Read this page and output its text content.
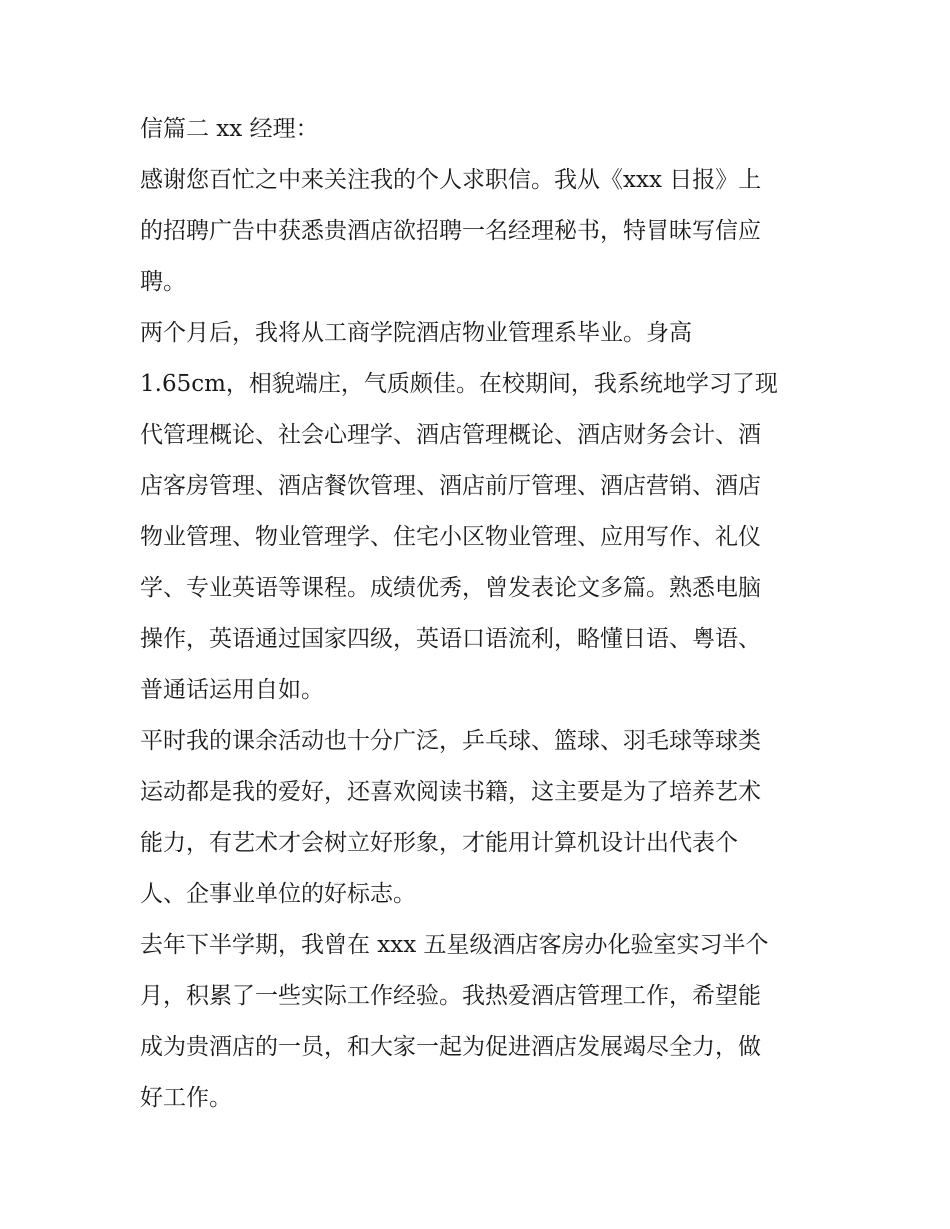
信篇二 xx 经理：
感谢您百忙之中来关注我的个人求职信。我从《xxx 日报》上
的招聘广告中获悉贵酒店欲招聘一名经理秘书，特冒昧写信应
聘。
两个月后，我将从工商学院酒店物业管理系毕业。身高
1.65cm，相貌端庄，气质颇佳。在校期间，我系统地学习了现
代管理概论、社会心理学、酒店管理概论、酒店财务会计、酒
店客房管理、酒店餐饮管理、酒店前厅管理、酒店营销、酒店
物业管理、物业管理学、住宅小区物业管理、应用写作、礼仪
学、专业英语等课程。成绩优秀，曾发表论文多篇。熟悉电脑
操作，英语通过国家四级，英语口语流利，略懂日语、粤语、
普通话运用自如。
平时我的课余活动也十分广泛，乒乓球、篮球、羽毛球等球类
运动都是我的爱好，还喜欢阅读书籍，这主要是为了培养艺术
能力，有艺术才会树立好形象，才能用计算机设计出代表个
人、企事业单位的好标志。
去年下半学期，我曾在 xxx 五星级酒店客房办化验室实习半个
月，积累了一些实际工作经验。我热爱酒店管理工作，希望能
成为贵酒店的一员，和大家一起为促进酒店发展竭尽全力，做
好工作。
